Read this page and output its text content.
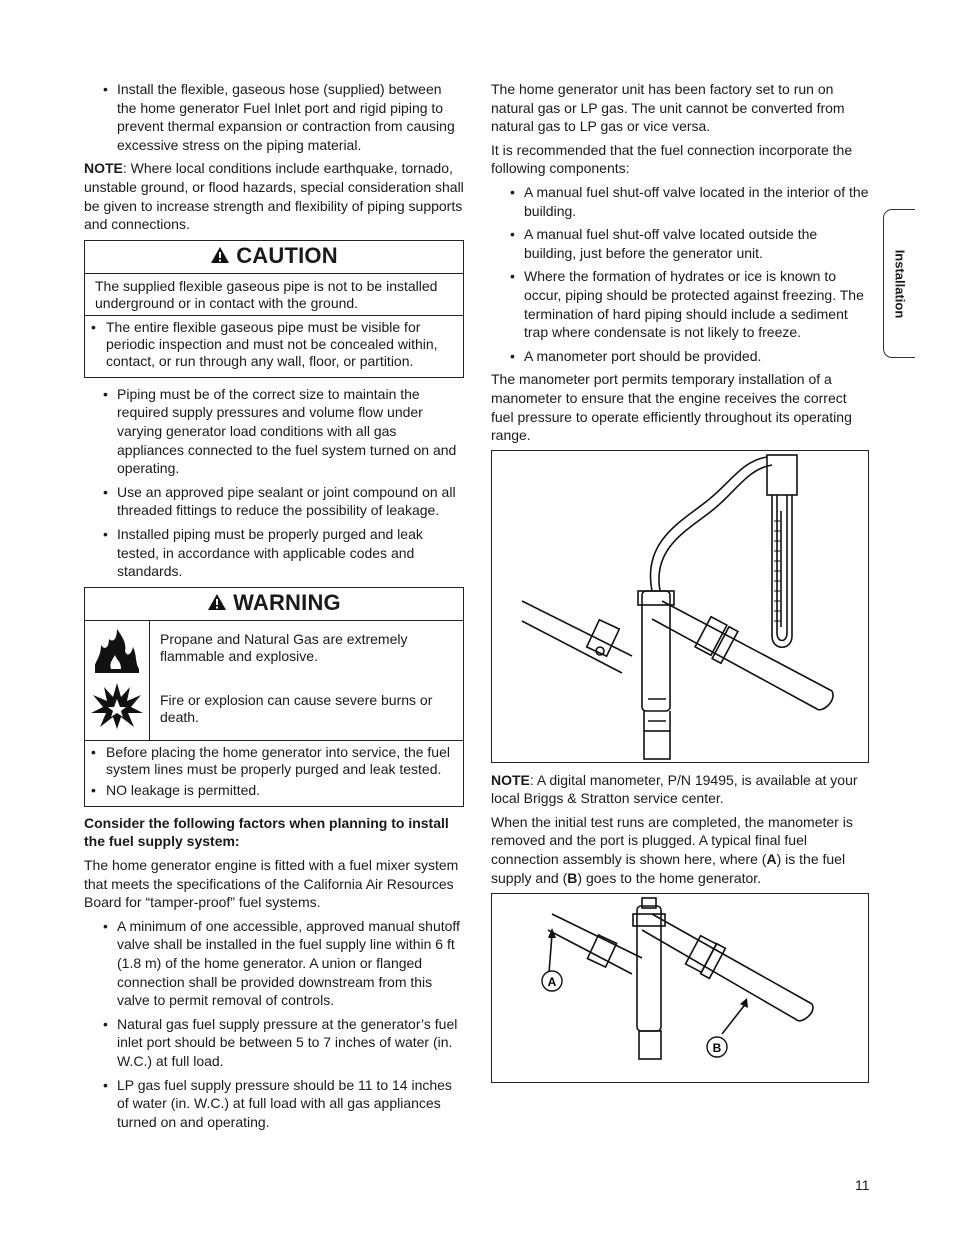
• Install the flexible, gaseous hose (supplied) between the home generator Fuel Inlet port and rigid piping to prevent thermal expansion or contraction from causing excessive stress on the piping material.

NOTE: Where local conditions include earthquake, tornado, unstable ground, or flood hazards, special consideration shall be given to increase strength and flexibility of piping supports and connections.

CAUTION
The supplied flexible gaseous pipe is not to be installed underground or in contact with the ground.
• The entire flexible gaseous pipe must be visible for periodic inspection and must not be concealed within, contact, or run through any wall, floor, or partition.
• Piping must be of the correct size to maintain the required supply pressures and volume flow under varying generator load conditions with all gas appliances connected to the fuel system turned on and operating.
• Use an approved pipe sealant or joint compound on all threaded fittings to reduce the possibility of leakage.
• Installed piping must be properly purged and leak tested, in accordance with applicable codes and standards.
WARNING
Propane and Natural Gas are extremely flammable and explosive.
Fire or explosion can cause severe burns or death.
• Before placing the home generator into service, the fuel system lines must be properly purged and leak tested.
• NO leakage is permitted.

Consider the following factors when planning to install the fuel supply system:

The home generator engine is fitted with a fuel mixer system that meets the specifications of the California Air Resources Board for “tamper-proof” fuel systems.

• A minimum of one accessible, approved manual shutoff valve shall be installed in the fuel supply line within 6 ft (1.8 m) of the home generator. A union or flanged connection shall be provided downstream from this valve to permit removal of controls.
• Natural gas fuel supply pressure at the generator’s fuel inlet port should be between 5 to 7 inches of water (in. W.C.) at full load.
• LP gas fuel supply pressure should be 11 to 14 inches of water (in. W.C.) at full load with all gas appliances turned on and operating.

The home generator unit has been factory set to run on natural gas or LP gas. The unit cannot be converted from natural gas to LP gas or vice versa.

It is recommended that the fuel connection incorporate the following components:

• A manual fuel shut-off valve located in the interior of the building.
• A manual fuel shut-off valve located outside the building, just before the generator unit.
• Where the formation of hydrates or ice is known to occur, piping should be protected against freezing. The termination of hard piping should include a sediment trap where condensate is not likely to freeze.
• A manometer port should be provided.

The manometer port permits temporary installation of a manometer to ensure that the engine receives the correct fuel pressure to operate efficiently throughout its operating range.

NOTE: A digital manometer, P/N 19495, is available at your local Briggs & Stratton service center.

When the initial test runs are completed, the manometer is removed and the port is plugged. A typical final fuel connection assembly is shown here, where (A) is the fuel supply and (B) goes to the home generator.

A
B
Installation
11
